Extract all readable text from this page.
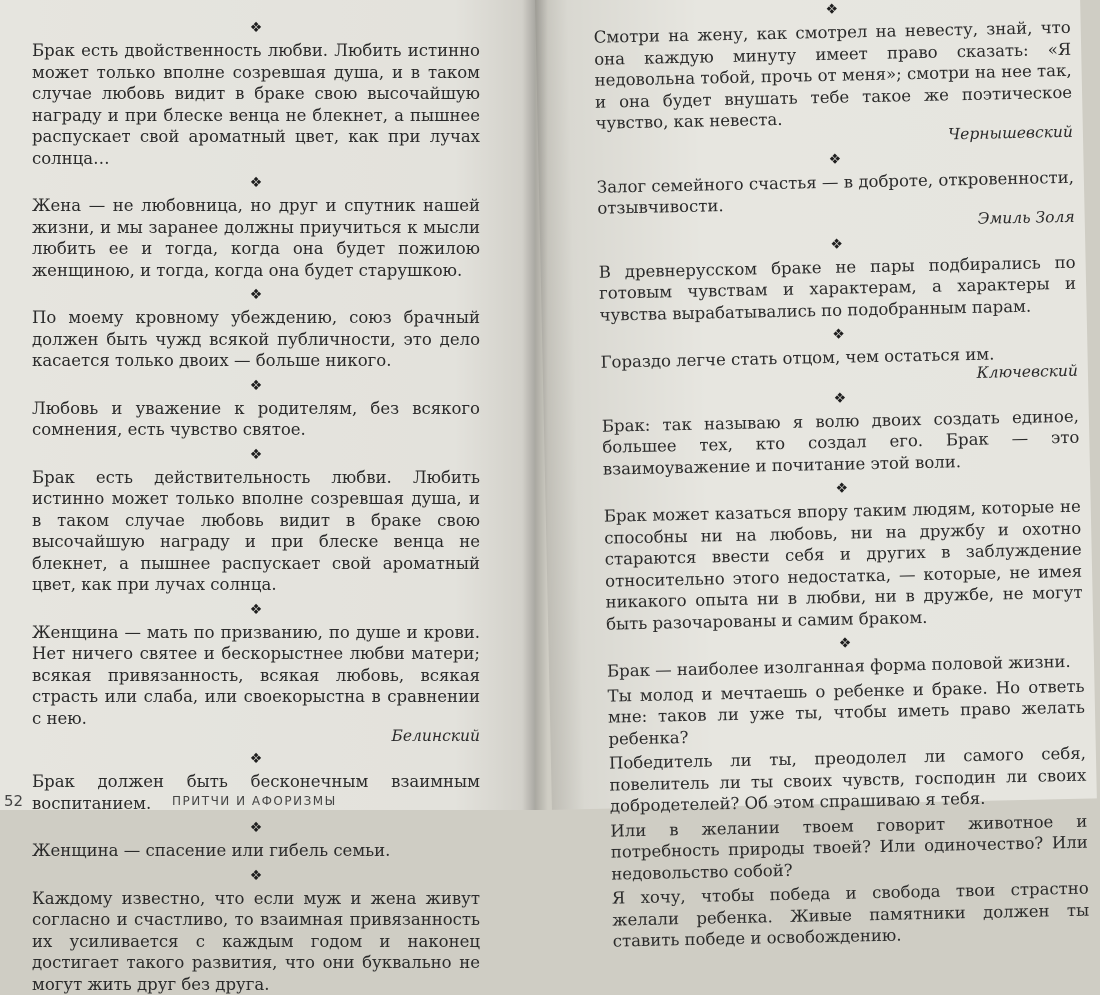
❖

Брак есть двойственность любви. Любить истинно может только вполне созревшая душа, и в таком случае любовь видит в браке свою высочайшую награду и при блеске венца не блекнет, а пышнее распускает свой ароматный цвет, как при лучах солнца…

❖

Жена — не любовница, но друг и спутник нашей жизни, и мы заранее должны приучиться к мысли любить ее и тогда, когда она будет пожилою женщиною, и тогда, когда она будет старушкою.

❖

По моему кровному убеждению, союз брачный должен быть чужд всякой публичности, это дело касается только двоих — больше никого.

❖

Любовь и уважение к родителям, без всякого сомнения, есть чувство святое.

❖

Брак есть действительность любви. Любить истинно может только вполне созревшая душа, и в таком случае любовь видит в браке свою высочайшую награду и при блеске венца не блекнет, а пышнее распускает свой ароматный цвет, как при лучах солнца.

❖

Женщина — мать по призванию, по душе и крови. Нет ничего святее и бескорыстнее любви матери; всякая привязанность, всякая любовь, всякая страсть или слаба, или своекорыстна в сравнении с нею.

Белинский
❖

Брак должен быть бесконечным взаимным воспитанием.

❖

Женщина — спасение или гибель семьи.

❖

Каждому известно, что если муж и жена живут согласно и счастливо, то взаимная привязанность их усиливается с каждым годом и наконец достигает такого развития, что они буквально не могут жить друг без друга.

52	ПРИТЧИ И АФОРИЗМЫ
❖

Смотри на жену, как смотрел на невесту, знай, что она каждую минуту имеет право сказать: «Я недовольна тобой, прочь от меня»; смотри на нее так, и она будет внушать тебе такое же поэтическое чувство, как невеста.	Чернышевский
❖

Залог семейного счастья — в доброте, откровенности, отзывчивости.	Эмиль Золя
❖

В древнерусском браке не пары подбирались по готовым чувствам и характерам, а характеры и чувства вырабатывались по подобранным парам.

❖

Гораздо легче стать отцом, чем остаться им.

Ключевский
❖

Брак: так называю я волю двоих создать единое, большее тех, кто создал его. Брак — это взаимоуважение и почитание этой воли.

❖

Брак может казаться впору таким людям, которые не способны ни на любовь, ни на дружбу и охотно стараются ввести себя и других в заблуждение относительно этого недостатка, — которые, не имея никакого опыта ни в любви, ни в дружбе, не могут быть разочарованы и самим браком.

❖

Брак — наиболее изолганная форма половой жизни.

Ты молод и мечтаешь о ребенке и браке. Но ответь мне: таков ли уже ты, чтобы иметь право желать ребенка?

Победитель ли ты, преодолел ли самого себя, повелитель ли ты своих чувств, господин ли своих добродетелей? Об этом спрашиваю я тебя.

Или в желании твоем говорит животное и потребность природы твоей? Или одиночество? Или недовольство собой?

Я хочу, чтобы победа и свобода твои страстно желали ребенка. Живые памятники должен ты ставить победе и освобождению.
